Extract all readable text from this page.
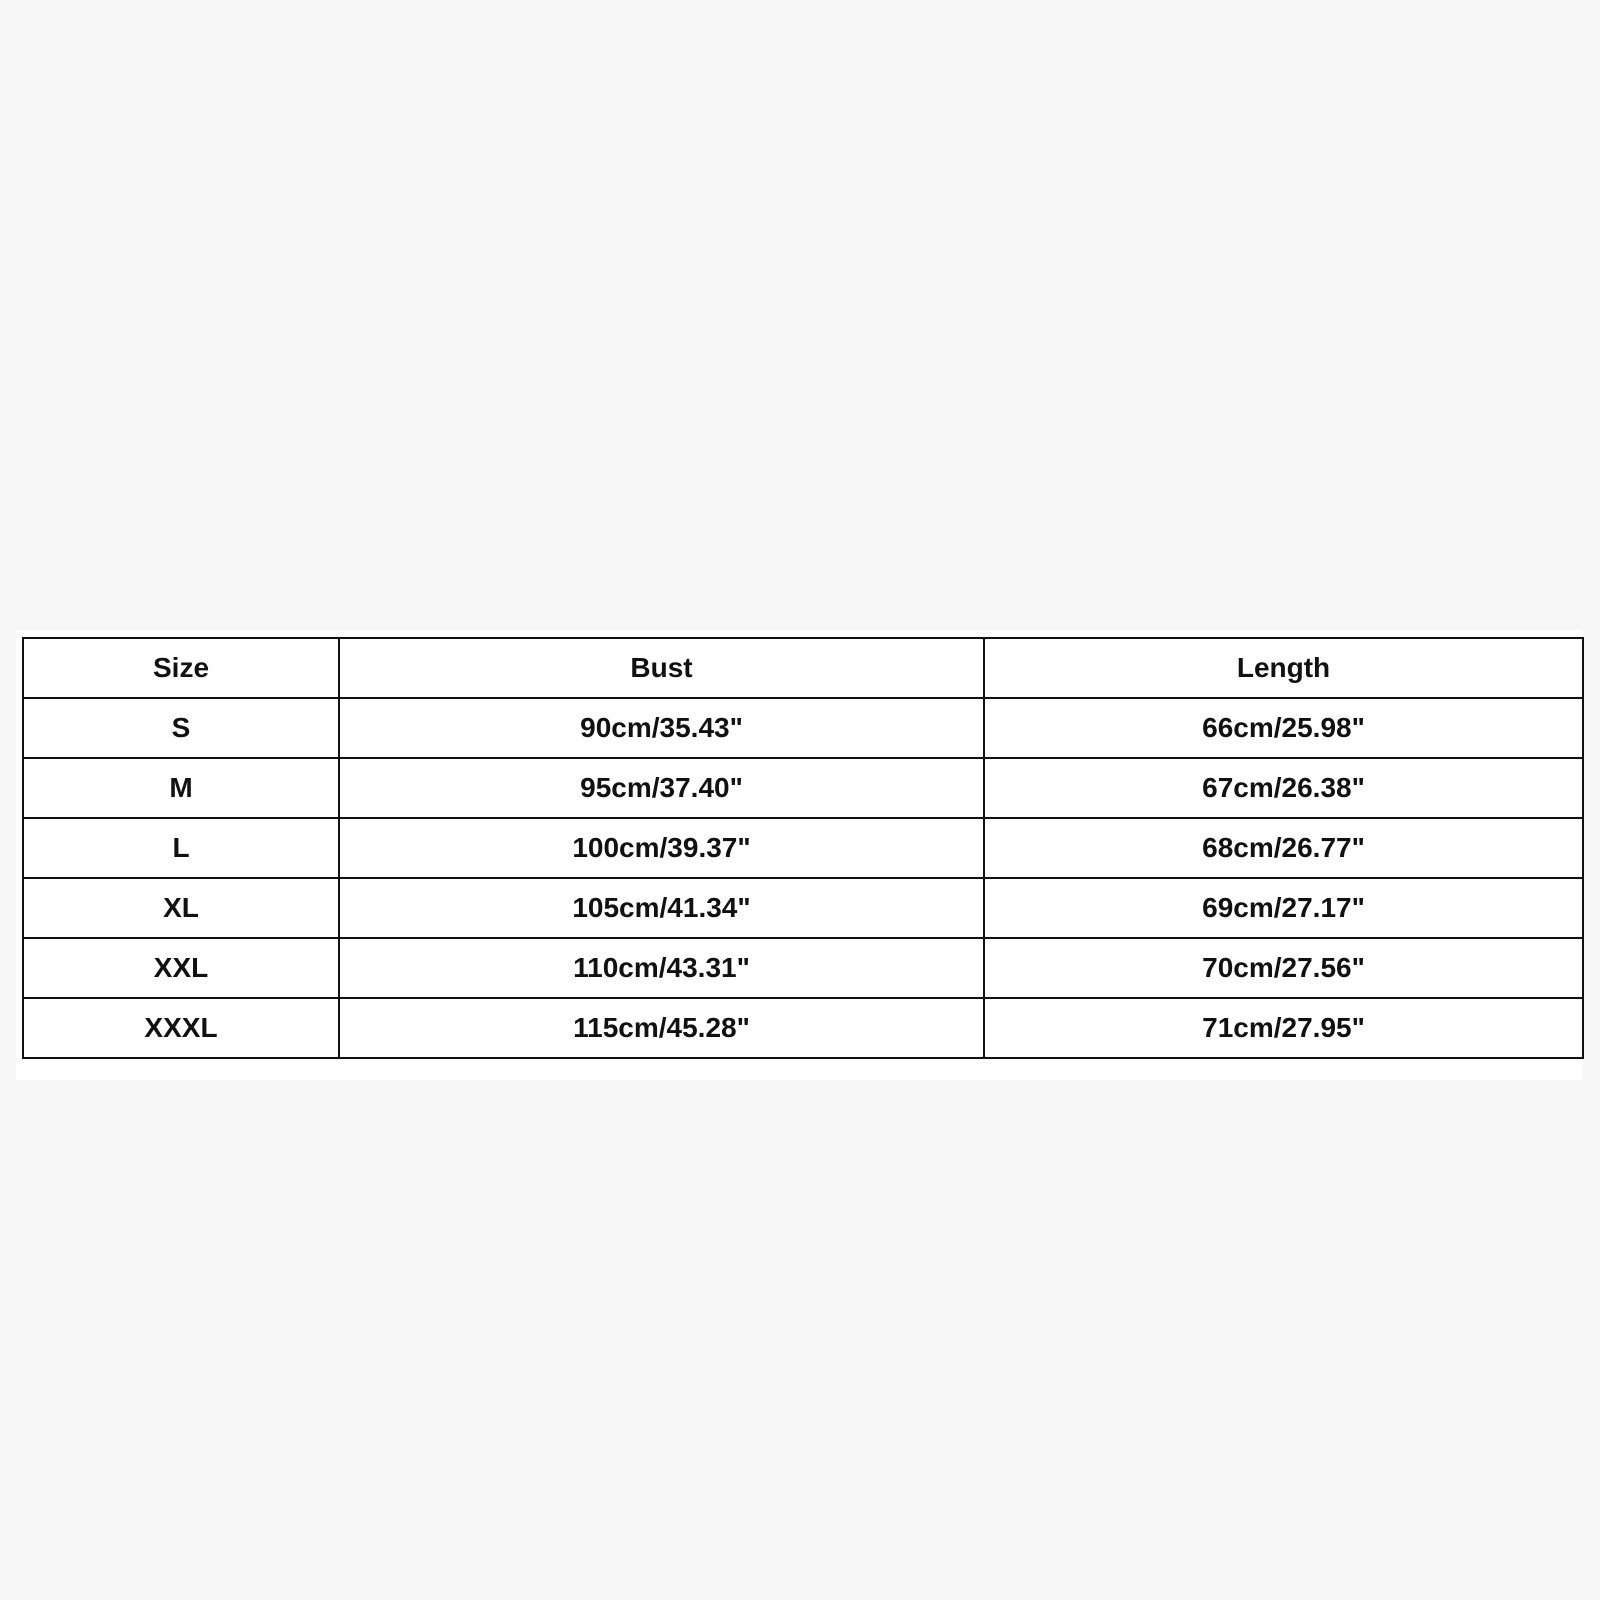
Size	Bust	Length
S	90cm/35.43"	66cm/25.98"
M	95cm/37.40"	67cm/26.38"
L	100cm/39.37"	68cm/26.77"
XL	105cm/41.34"	69cm/27.17"
XXL	110cm/43.31"	70cm/27.56"
XXXL	115cm/45.28"	71cm/27.95"
